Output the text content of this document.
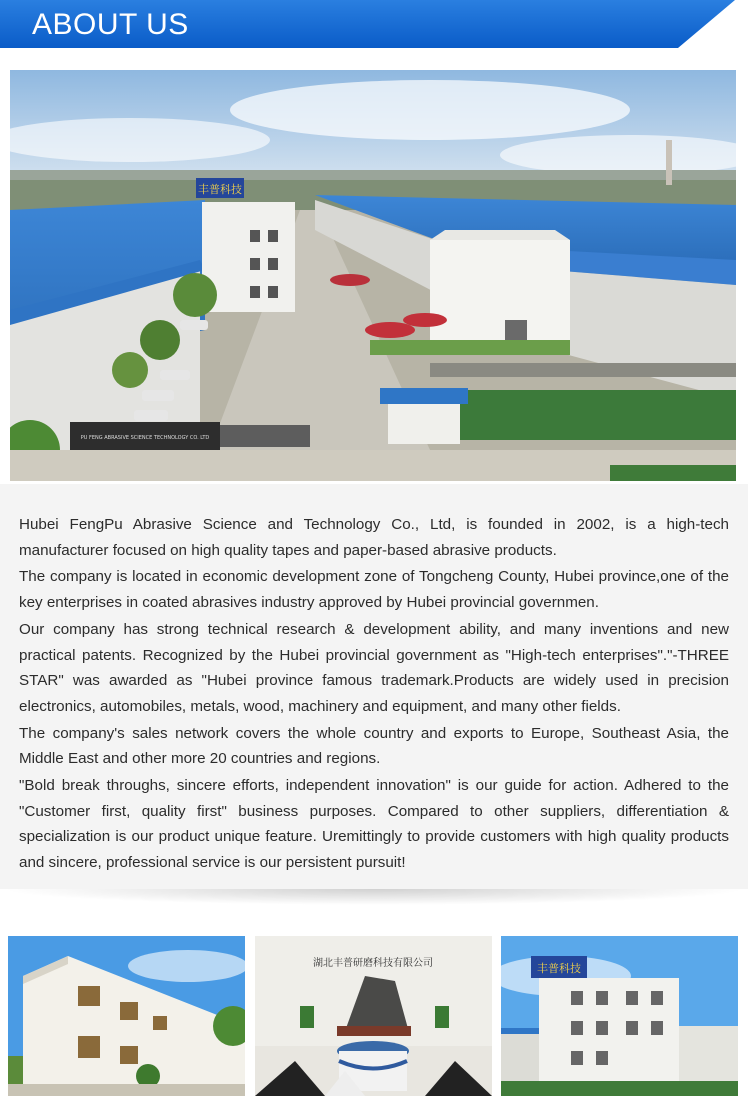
ABOUT US
丰普科技
PU FENG ABRASIVE SCIENCE TECHNOLOGY CO. LTD

Hubei FengPu Abrasive Science and Technology Co., Ltd, is founded in 2002, is a high-tech manufacturer focused on high quality tapes and paper-based abrasive products.

The company is located in economic development zone of Tongcheng County, Hubei province,one of the key enterprises in coated abrasives industry approved by Hubei provincial governmen.

Our company has strong technical research & development ability, and many inventions and new practical patents. Recognized by the Hubei provincial government as "High-tech enterprises"."-THREE STAR" was awarded as "Hubei province famous trademark.Products are widely used in precision electronics, automobiles, metals, wood, machinery and equipment, and many other fields.

The company's sales network covers the whole country and exports to Europe, Southeast Asia, the Middle East and other more 20 countries and regions.

"Bold break throughs, sincere efforts, independent innovation" is our guide for action. Adhered to the "Customer first, quality first" business purposes. Compared to other suppliers, differentiation & specialization is our product unique feature. Uremittingly to provide customers with high quality products and sincere, professional service is our persistent pursuit!

湖北丰普研磨科技有限公司	丰普科技
